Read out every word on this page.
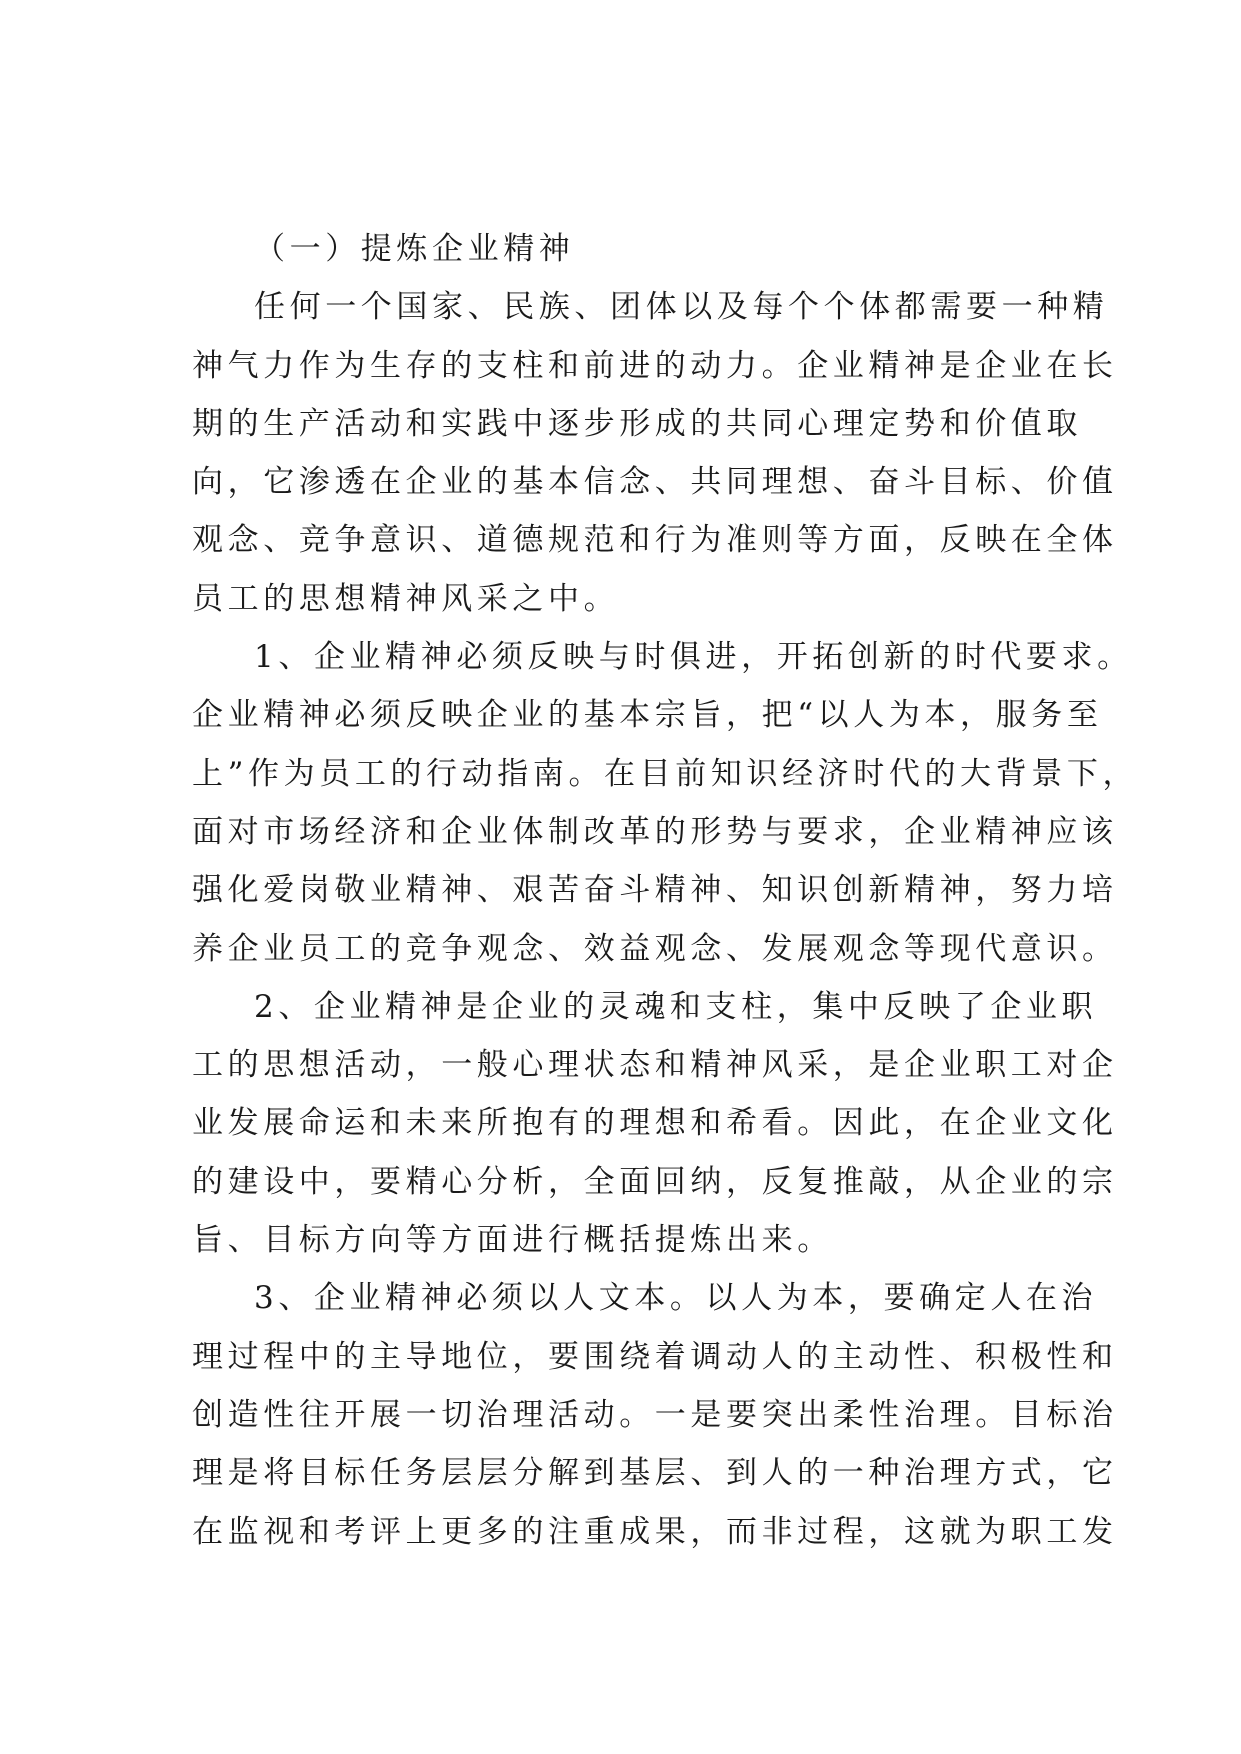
（一）提炼企业精神
任何一个国家、民族、团体以及每个个体都需要一种精
神气力作为生存的支柱和前进的动力。企业精神是企业在长
期的生产活动和实践中逐步形成的共同心理定势和价值取
向，它渗透在企业的基本信念、共同理想、奋斗目标、价值
观念、竞争意识、道德规范和行为准则等方面，反映在全体
员工的思想精神风采之中。
1、企业精神必须反映与时俱进，开拓创新的时代要求。
企业精神必须反映企业的基本宗旨，把“以人为本，服务至
上”作为员工的行动指南。在目前知识经济时代的大背景下，
面对市场经济和企业体制改革的形势与要求，企业精神应该
强化爱岗敬业精神、艰苦奋斗精神、知识创新精神，努力培
养企业员工的竞争观念、效益观念、发展观念等现代意识。
2、企业精神是企业的灵魂和支柱，集中反映了企业职
工的思想活动，一般心理状态和精神风采，是企业职工对企
业发展命运和未来所抱有的理想和希看。因此，在企业文化
的建设中，要精心分析，全面回纳，反复推敲，从企业的宗
旨、目标方向等方面进行概括提炼出来。
3、企业精神必须以人文本。以人为本，要确定人在治
理过程中的主导地位，要围绕着调动人的主动性、积极性和
创造性往开展一切治理活动。一是要突出柔性治理。目标治
理是将目标任务层层分解到基层、到人的一种治理方式，它
在监视和考评上更多的注重成果，而非过程，这就为职工发
